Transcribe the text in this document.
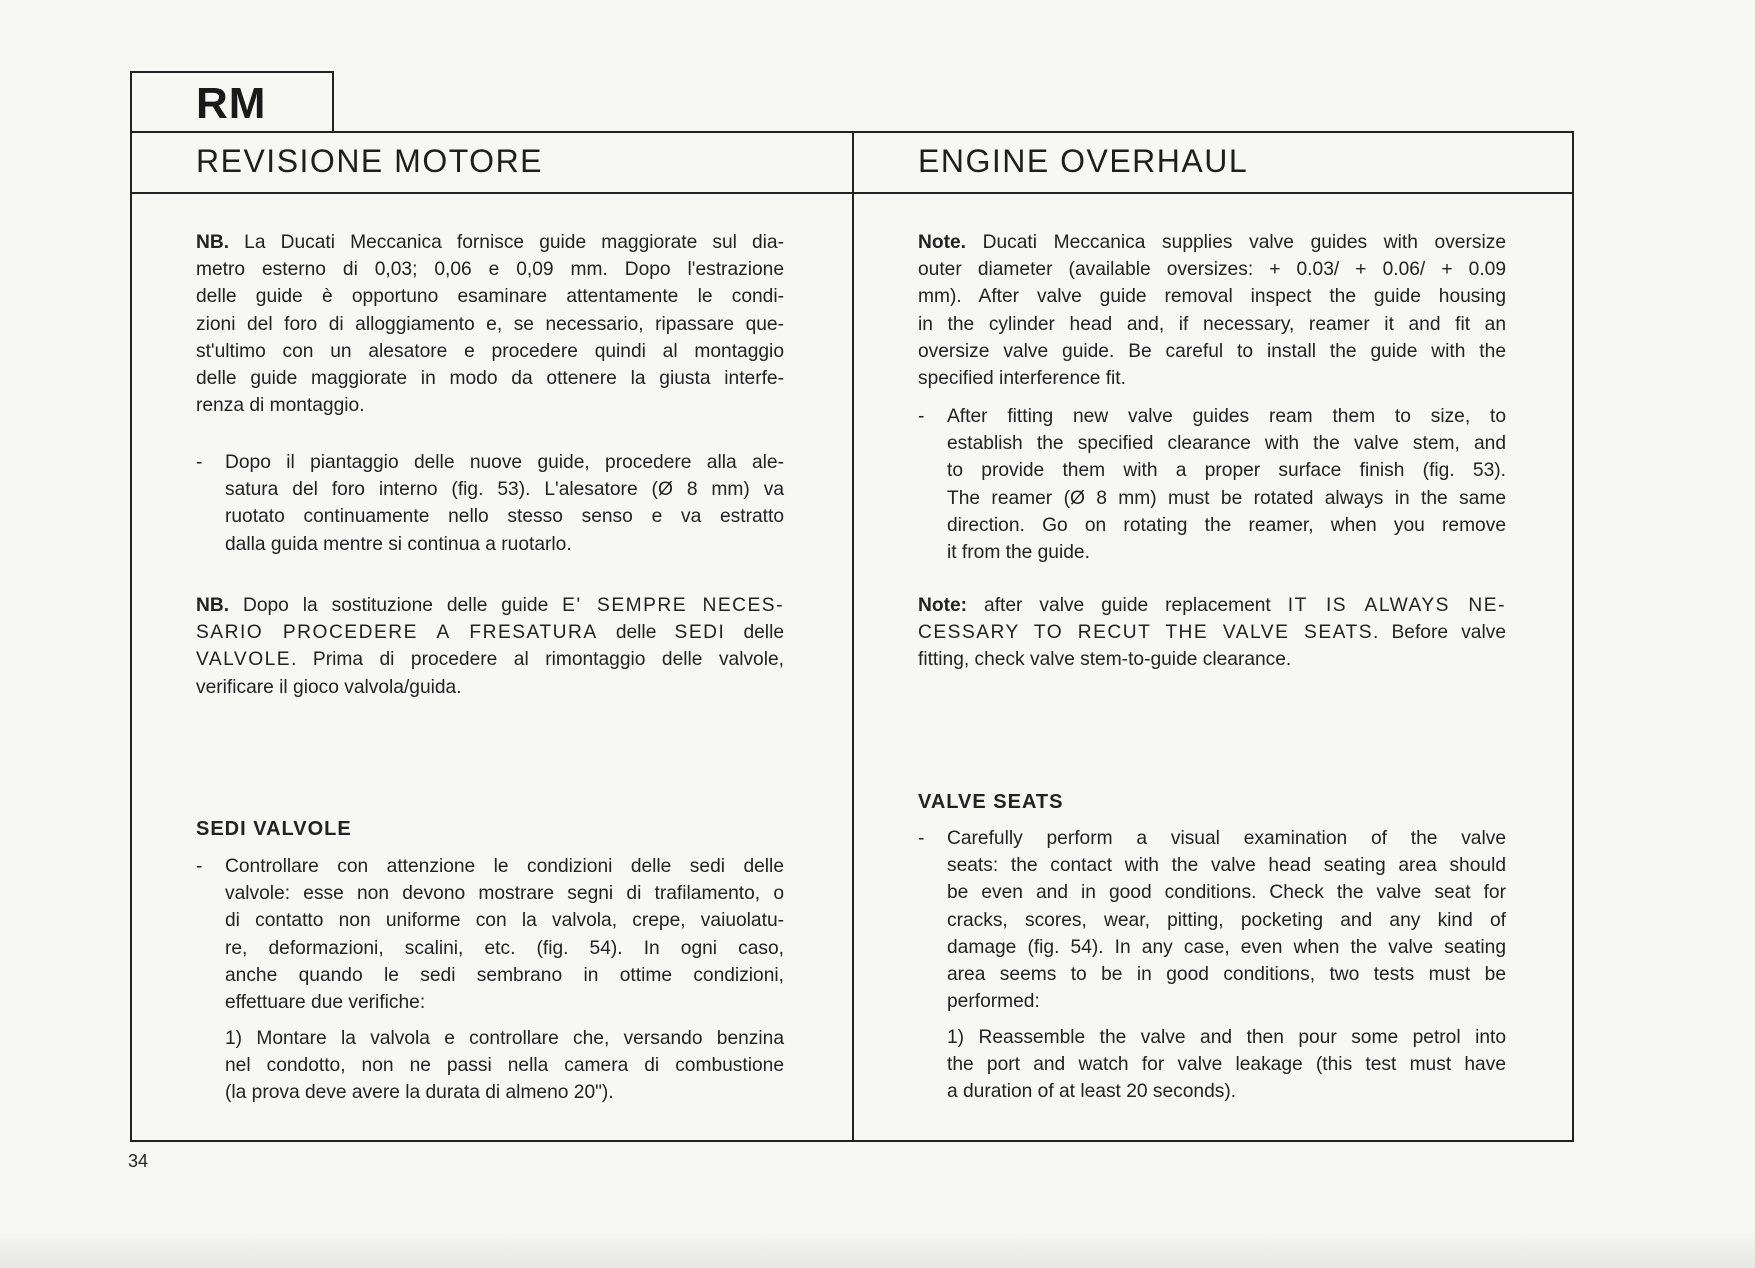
RM
REVISIONE MOTORE	ENGINE OVERHAUL
NB. La Ducati Meccanica fornisce guide maggiorate sul dia-
metro esterno di 0,03; 0,06 e 0,09 mm. Dopo l'estrazione
delle guide è opportuno esaminare attentamente le condi-
zioni del foro di alloggiamento e, se necessario, ripassare que-
st'ultimo con un alesatore e procedere quindi al montaggio
delle guide maggiorate in modo da ottenere la giusta interfe-
renza di montaggio.
- Dopo il piantaggio delle nuove guide, procedere alla ale-
satura del foro interno (fig. 53). L'alesatore (Ø 8 mm) va
ruotato continuamente nello stesso senso e va estratto
dalla guida mentre si continua a ruotarlo.
NB. Dopo la sostituzione delle guide E' SEMPRE NECES-
SARIO PROCEDERE A FRESATURA delle SEDI delle
VALVOLE. Prima di procedere al rimontaggio delle valvole,
verificare il gioco valvola/guida.
SEDI VALVOLE
- Controllare con attenzione le condizioni delle sedi delle
valvole: esse non devono mostrare segni di trafilamento, o
di contatto non uniforme con la valvola, crepe, vaiuolatu-
re, deformazioni, scalini, etc. (fig. 54). In ogni caso,
anche quando le sedi sembrano in ottime condizioni,
effettuare due verifiche:
1) Montare la valvola e controllare che, versando benzina
nel condotto, non ne passi nella camera di combustione
(la prova deve avere la durata di almeno 20").
Note. Ducati Meccanica supplies valve guides with oversize
outer diameter (available oversizes: + 0.03/ + 0.06/ + 0.09
mm). After valve guide removal inspect the guide housing
in the cylinder head and, if necessary, reamer it and fit an
oversize valve guide. Be careful to install the guide with the
specified interference fit.
- After fitting new valve guides ream them to size, to
establish the specified clearance with the valve stem, and
to provide them with a proper surface finish (fig. 53).
The reamer (Ø 8 mm) must be rotated always in the same
direction. Go on rotating the reamer, when you remove
it from the guide.
Note: after valve guide replacement IT IS ALWAYS NE-
CESSARY TO RECUT THE VALVE SEATS. Before valve
fitting, check valve stem-to-guide clearance.
VALVE SEATS
- Carefully perform a visual examination of the valve
seats: the contact with the valve head seating area should
be even and in good conditions. Check the valve seat for
cracks, scores, wear, pitting, pocketing and any kind of
damage (fig. 54). In any case, even when the valve seating
area seems to be in good conditions, two tests must be
performed:
1) Reassemble the valve and then pour some petrol into
the port and watch for valve leakage (this test must have
a duration of at least 20 seconds).
34
